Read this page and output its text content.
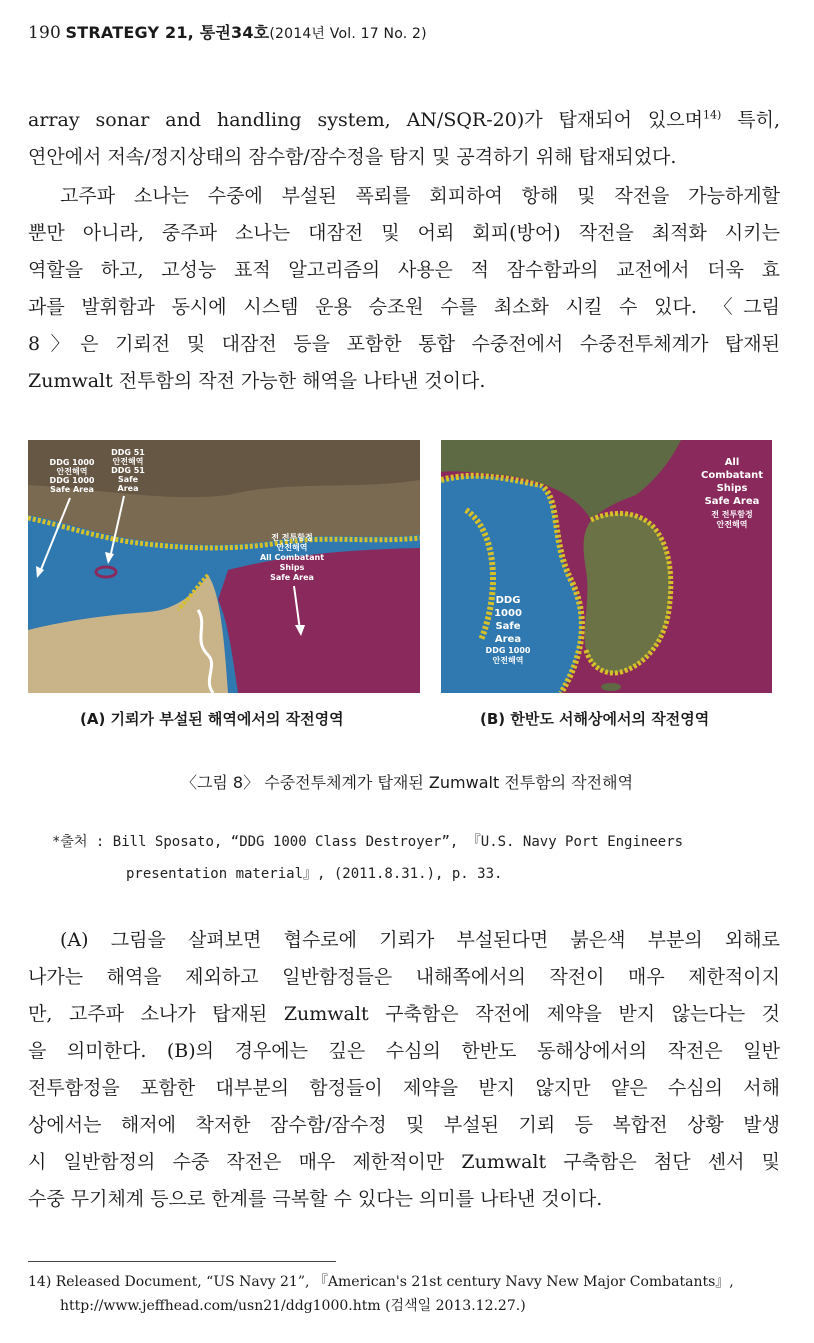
190 STRATEGY 21, 통권34호(2014년 Vol. 17 No. 2)
array sonar and handling system, AN/SQR-20)가 탑재되어 있으며$^{14)}$ 특히,
연안에서 저속/정지상태의 잠수함/잠수정을 탐지 및 공격하기 위해 탑재되었다.
고주파 소나는 수중에 부설된 폭뢰를 회피하여 항해 및 작전을 가능하게할
뿐만 아니라, 중주파 소나는 대잠전 및 어뢰 회피(방어) 작전을 최적화 시키는
역할을 하고, 고성능 표적 알고리즘의 사용은 적 잠수함과의 교전에서 더욱 효
과를 발휘함과 동시에 시스템 운용 승조원 수를 최소화 시킬 수 있다. 〈그림
8〉은 기뢰전 및 대잠전 등을 포함한 통합 수중전에서 수중전투체계가 탑재된
Zumwalt 전투함의 작전 가능한 해역을 나타낸 것이다.
DDG 1000
안전해역
DDG 1000
Safe Area
DDG 51
안전해역
DDG 51
Safe
Area
전 전투함정
안전해역
All Combatant
Ships
Safe Area
All
Combatant
Ships
Safe Area
전 전투함정
안전해역
DDG
1000
Safe
Area
DDG 1000
안전해역
(A) 기뢰가 부설된 해역에서의 작전영역	(B) 한반도 서해상에서의 작전영역
〈그림 8〉 수중전투체계가 탑재된 Zumwalt 전투함의 작전해역
*출처 : Bill Sposato, “DDG 1000 Class Destroyer”, 『U.S. Navy Port Engineers
presentation material』, (2011.8.31.), p. 33.
(A) 그림을 살펴보면 협수로에 기뢰가 부설된다면 붉은색 부분의 외해로
나가는 해역을 제외하고 일반함정들은 내해쪽에서의 작전이 매우 제한적이지
만, 고주파 소나가 탑재된 Zumwalt 구축함은 작전에 제약을 받지 않는다는 것
을 의미한다. (B)의 경우에는 깊은 수심의 한반도 동해상에서의 작전은 일반
전투함정을 포함한 대부분의 함정들이 제약을 받지 않지만 얕은 수심의 서해
상에서는 해저에 착저한 잠수함/잠수정 및 부설된 기뢰 등 복합전 상황 발생
시 일반함정의 수중 작전은 매우 제한적이만 Zumwalt 구축함은 첨단 센서 및
수중 무기체계 등으로 한계를 극복할 수 있다는 의미를 나타낸 것이다.
14) Released Document, “US Navy 21”, 『American's 21st century Navy New Major Combatants』,
http://www.jeffhead.com/usn21/ddg1000.htm (검색일 2013.12.27.)
